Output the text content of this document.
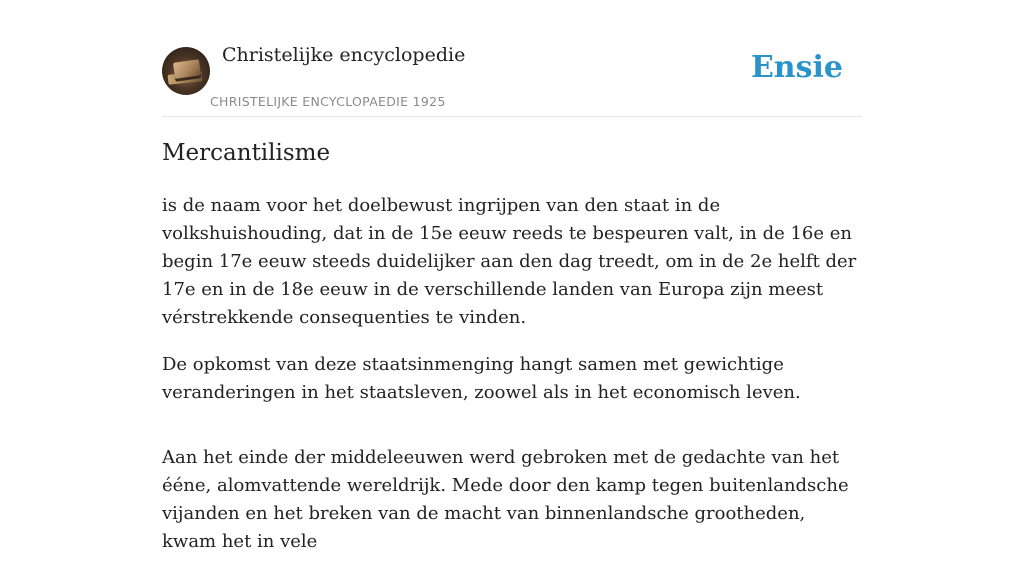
Christelijke encyclopedie
CHRISTELIJKE ENCYCLOPAEDIE 1925
Ensie
Mercantilisme

is de naam voor het doelbewust ingrijpen van den staat in de volkshuishouding, dat in de 15e eeuw reeds te bespeuren valt, in de 16e en begin 17e eeuw steeds duidelijker aan den dag treedt, om in de 2e helft der 17e en in de 18e eeuw in de verschillende landen van Europa zijn meest vérstrekkende consequenties te vinden.

De opkomst van deze staatsinmenging hangt samen met gewichtige veranderingen in het staatsleven, zoowel als in het economisch leven.

Aan het einde der middeleeuwen werd gebroken met de gedachte van het éénе, alomvattende wereldrijk. Mede door den kamp tegen buitenlandsche vijanden en het breken van de macht van binnenlandsche grootheden, kwam het in vele
